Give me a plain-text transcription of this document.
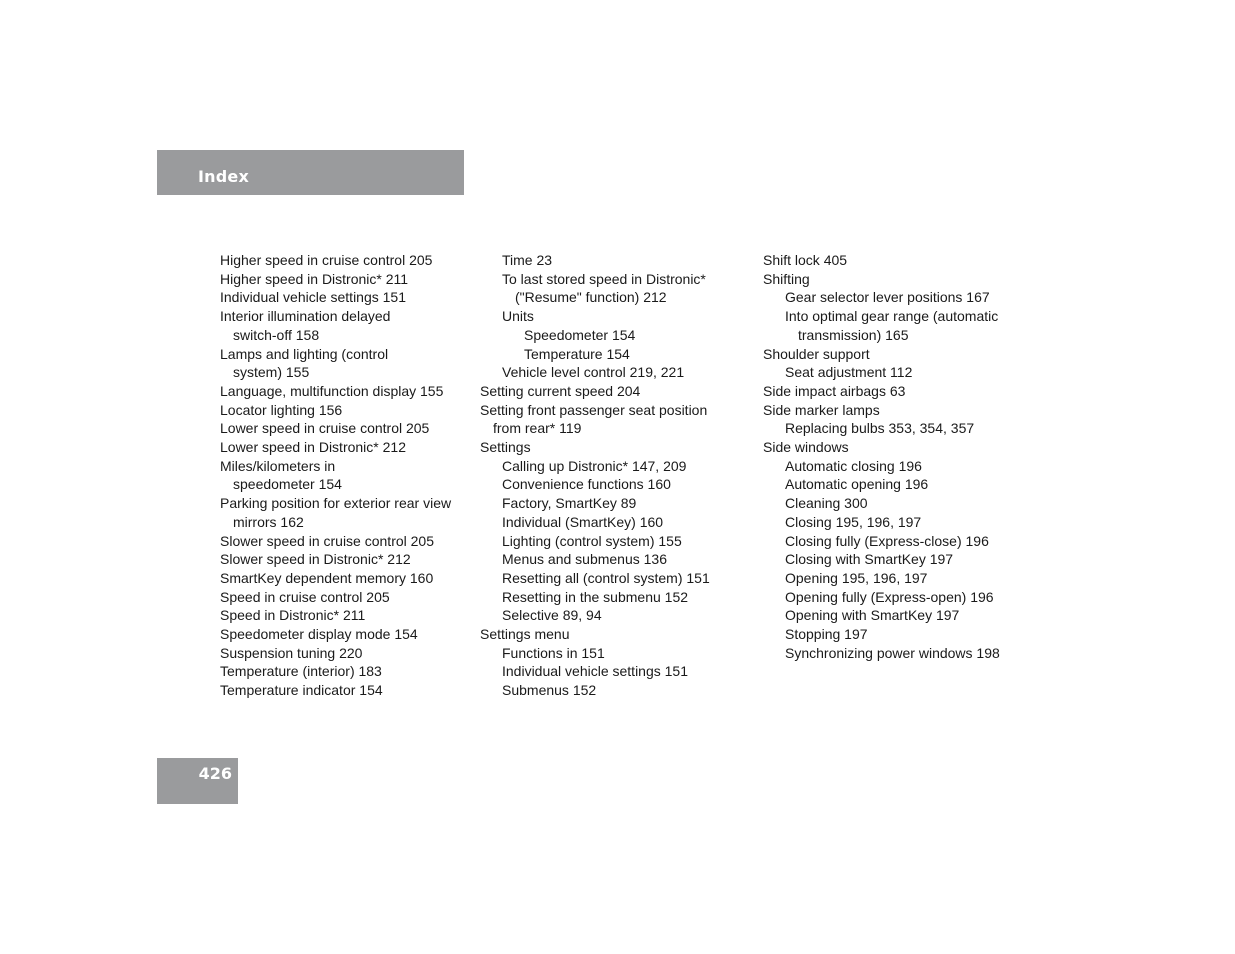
Index
Higher speed in cruise control 205
Higher speed in Distronic* 211
Individual vehicle settings 151
Interior illumination delayed
switch-off 158
Lamps and lighting (control
system) 155
Language, multifunction display 155
Locator lighting 156
Lower speed in cruise control 205
Lower speed in Distronic* 212
Miles/kilometers in
speedometer 154
Parking position for exterior rear view
mirrors 162
Slower speed in cruise control 205
Slower speed in Distronic* 212
SmartKey dependent memory 160
Speed in cruise control 205
Speed in Distronic* 211
Speedometer display mode 154
Suspension tuning 220
Temperature (interior) 183
Temperature indicator 154
Time 23
To last stored speed in Distronic*
("Resume" function) 212
Units
Speedometer 154
Temperature 154
Vehicle level control 219, 221
Setting current speed 204
Setting front passenger seat position
from rear* 119
Settings
Calling up Distronic* 147, 209
Convenience functions 160
Factory, SmartKey 89
Individual (SmartKey) 160
Lighting (control system) 155
Menus and submenus 136
Resetting all (control system) 151
Resetting in the submenu 152
Selective 89, 94
Settings menu
Functions in 151
Individual vehicle settings 151
Submenus 152
Shift lock 405
Shifting
Gear selector lever positions 167
Into optimal gear range (automatic
transmission) 165
Shoulder support
Seat adjustment 112
Side impact airbags 63
Side marker lamps
Replacing bulbs 353, 354, 357
Side windows
Automatic closing 196
Automatic opening 196
Cleaning 300
Closing 195, 196, 197
Closing fully (Express-close) 196
Closing with SmartKey 197
Opening 195, 196, 197
Opening fully (Express-open) 196
Opening with SmartKey 197
Stopping 197
Synchronizing power windows 198
426
